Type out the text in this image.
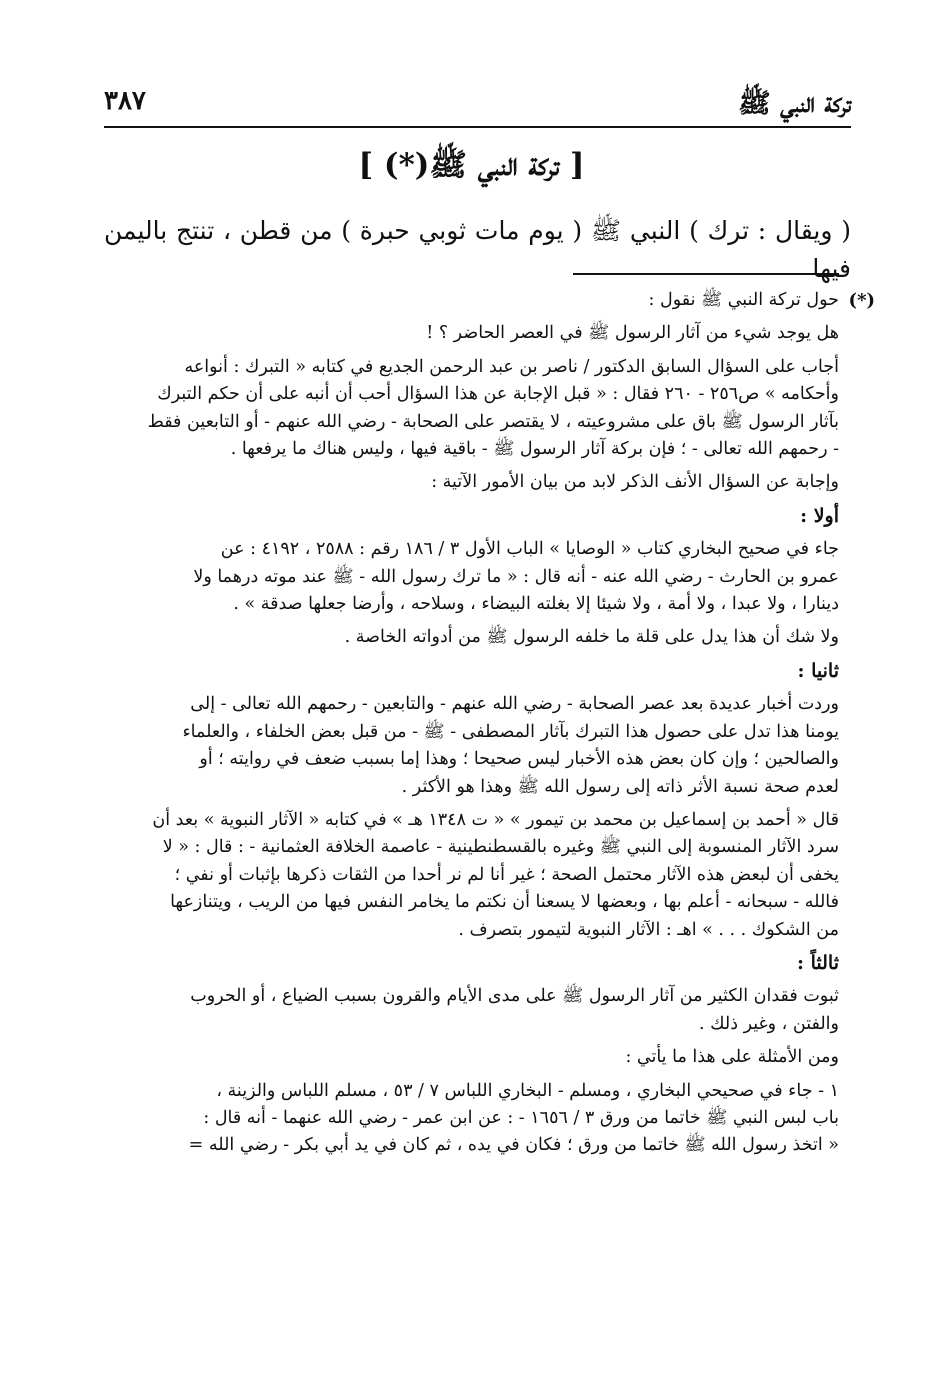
تركة النبي ﷺ
٣٨٧
[ تركة النبي ﷺ(*) ]
( ويقال : ترك ) النبي ﷺ ( يوم مات ثوبي حبرة ) من قطن ، تنتج باليمن فيها
(*)

حول تركة النبي ﷺ نقول :

هل يوجد شيء من آثار الرسول ﷺ في العصر الحاضر ؟ !

أجاب على السؤال السابق الدكتور / ناصر بن عبد الرحمن الجديع في كتابه « التبرك : أنواعه

وأحكامه » ص٢٥٦ - ٢٦٠ فقال : « قبل الإجابة عن هذا السؤال أحب أن أنبه على أن حكم التبرك

بآثار الرسول ﷺ باق على مشروعيته ، لا يقتصر على الصحابة - رضي الله عنهم - أو التابعين فقط

- رحمهم الله تعالى - ؛ فإن بركة آثار الرسول ﷺ - باقية فيها ، وليس هناك ما يرفعها .

وإجابة عن السؤال الأنف الذكر لابد من بيان الأمور الآتية :

أولا :

جاء في صحيح البخاري كتاب « الوصايا » الباب الأول ٣ / ١٨٦ رقم : ٢٥٨٨ ، ٤١٩٢ : عن

عمرو بن الحارث - رضي الله عنه - أنه قال : « ما ترك رسول الله - ﷺ عند موته درهما ولا

دينارا ، ولا عبدا ، ولا أمة ، ولا شيئا إلا بغلته البيضاء ، وسلاحه ، وأرضا جعلها صدقة » .

ولا شك أن هذا يدل على قلة ما خلفه الرسول ﷺ من أدواته الخاصة .

ثانيا :

وردت أخبار عديدة بعد عصر الصحابة - رضي الله عنهم - والتابعين - رحمهم الله تعالى - إلى

يومنا هذا تدل على حصول هذا التبرك بآثار المصطفى - ﷺ - من قبل بعض الخلفاء ، والعلماء

والصالحين ؛ وإن كان بعض هذه الأخبار ليس صحيحا ؛ وهذا إما بسبب ضعف في روايته ؛ أو

لعدم صحة نسبة الأثر ذاته إلى رسول الله ﷺ وهذا هو الأكثر .

قال « أحمد بن إسماعيل بن محمد بن تيمور » « ت ١٣٤٨ هـ » في كتابه « الآثار النبوية » بعد أن

سرد الآثار المنسوبة إلى النبي ﷺ وغيره بالقسطنطينية - عاصمة الخلافة العثمانية - : قال : « لا

يخفى أن لبعض هذه الآثار محتمل الصحة ؛ غير أنا لم نر أحدا من الثقات ذكرها بإثبات أو نفي ؛

فالله - سبحانه - أعلم بها ، وبعضها لا يسعنا أن نكتم ما يخامر النفس فيها من الريب ، ويتنازعها

من الشكوك . . . » اهـ : الآثار النبوية لتيمور بتصرف .

ثالثاً :

ثبوت فقدان الكثير من آثار الرسول ﷺ على مدى الأيام والقرون بسبب الضياع ، أو الحروب

والفتن ، وغير ذلك .

ومن الأمثلة على هذا ما يأتي :

١ - جاء في صحيحي البخاري ، ومسلم - البخاري اللباس ٧ / ٥٣ ، مسلم اللباس والزينة ،

باب لبس النبي ﷺ خاتما من ورق ٣ / ١٦٥٦ - : عن ابن عمر - رضي الله عنهما - أنه قال :

« اتخذ رسول الله ﷺ خاتما من ورق ؛ فكان في يده ، ثم كان في يد أبي بكر - رضي الله =
